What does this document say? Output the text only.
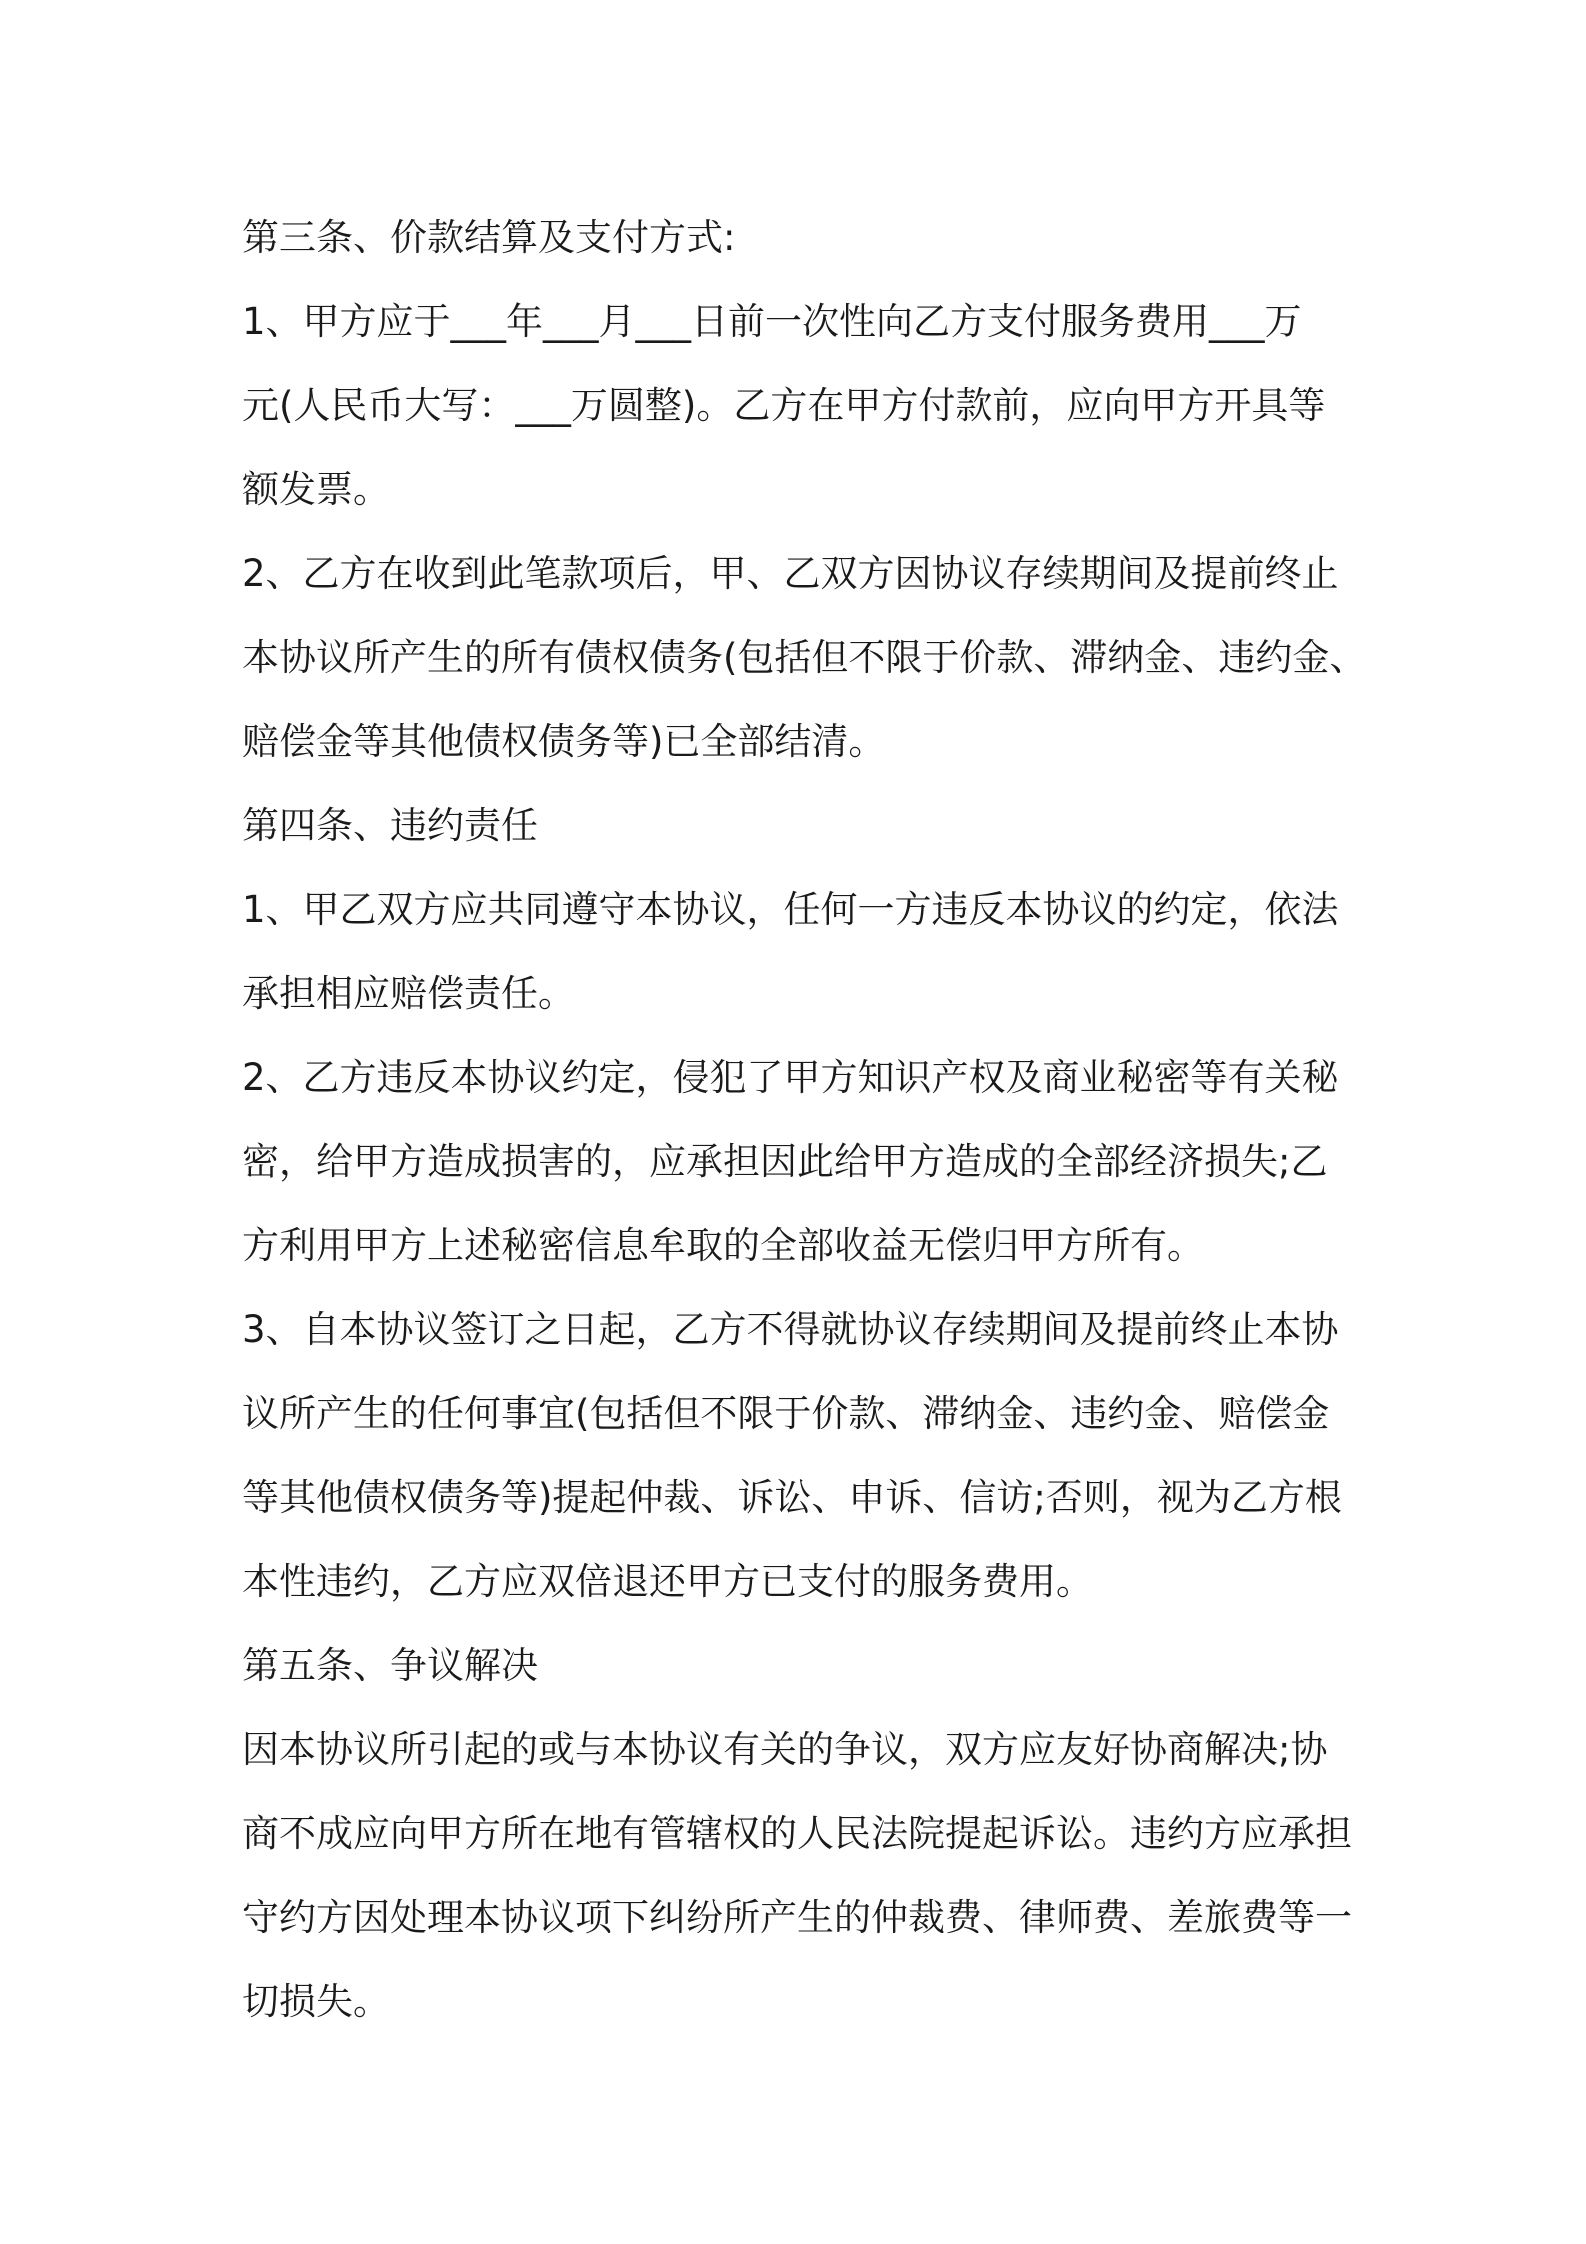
第三条、价款结算及支付方式:
1、甲方应于___年___月___日前一次性向乙方支付服务费用___万
元(人民币大写：___万圆整)。乙方在甲方付款前，应向甲方开具等
额发票。
2、乙方在收到此笔款项后，甲、乙双方因协议存续期间及提前终止
本协议所产生的所有债权债务(包括但不限于价款、滞纳金、违约金、
赔偿金等其他债权债务等)已全部结清。
第四条、违约责任
1、甲乙双方应共同遵守本协议，任何一方违反本协议的约定，依法
承担相应赔偿责任。
2、乙方违反本协议约定，侵犯了甲方知识产权及商业秘密等有关秘
密，给甲方造成损害的，应承担因此给甲方造成的全部经济损失;乙
方利用甲方上述秘密信息牟取的全部收益无偿归甲方所有。
3、自本协议签订之日起，乙方不得就协议存续期间及提前终止本协
议所产生的任何事宜(包括但不限于价款、滞纳金、违约金、赔偿金
等其他债权债务等)提起仲裁、诉讼、申诉、信访;否则，视为乙方根
本性违约，乙方应双倍退还甲方已支付的服务费用。
第五条、争议解决
因本协议所引起的或与本协议有关的争议，双方应友好协商解决;协
商不成应向甲方所在地有管辖权的人民法院提起诉讼。违约方应承担
守约方因处理本协议项下纠纷所产生的仲裁费、律师费、差旅费等一
切损失。
